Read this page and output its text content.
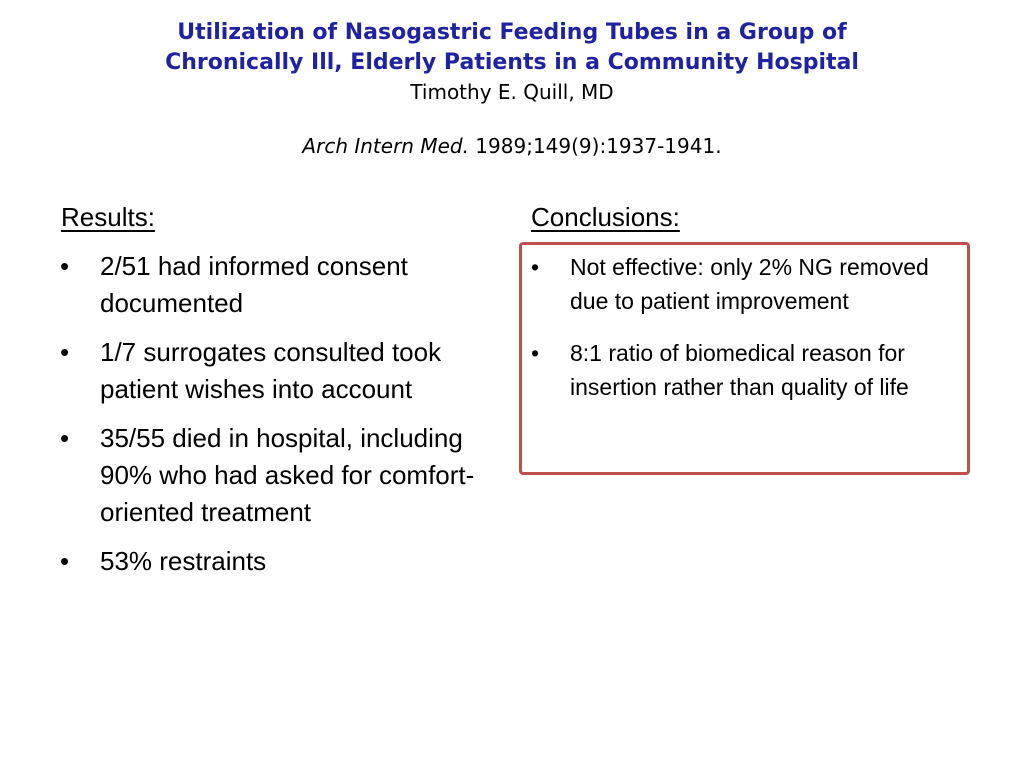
Utilization of Nasogastric Feeding Tubes in a Group of
Chronically Ill, Elderly Patients in a Community Hospital
Timothy E. Quill, MD
Arch Intern Med. 1989;149(9):1937-1941.
Results:
• 2/51 had informed consent documented
• 1/7 surrogates consulted took patient wishes into account
• 35/55 died in hospital, including 90% who had asked for comfort-oriented treatment
• 53% restraints
Conclusions:
• Not effective: only 2% NG removed due to patient improvement
• 8:1 ratio of biomedical reason for insertion rather than quality of life
